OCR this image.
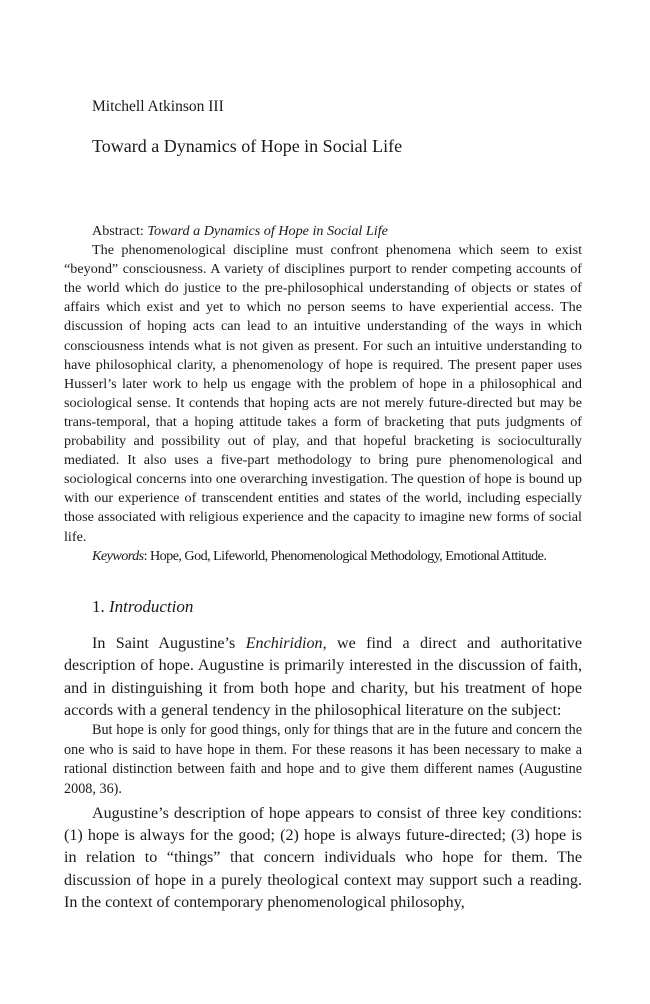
Mitchell Atkinson III
Toward a Dynamics of Hope in Social Life

Abstract: Toward a Dynamics of Hope in Social Life

The phenomenological discipline must confront phenomena which seem to exist “beyond” consciousness. A variety of disciplines purport to render competing accounts of the world which do justice to the pre-philosophical understanding of objects or states of affairs which exist and yet to which no person seems to have experiential access. The discussion of hoping acts can lead to an intuitive understanding of the ways in which consciousness intends what is not given as present. For such an intuitive understanding to have philosophical clarity, a phenomenology of hope is required. The present paper uses Husserl’s later work to help us engage with the problem of hope in a philosophical and sociological sense. It contends that hoping acts are not merely future-directed but may be trans-temporal, that a hoping attitude takes a form of bracketing that puts judgments of probability and possibility out of play, and that hopeful bracketing is socioculturally mediated. It also uses a five-part methodology to bring pure phenomenological and sociological concerns into one overarching investigation. The question of hope is bound up with our experience of transcendent entities and states of the world, including especially those associated with religious experience and the capacity to imagine new forms of social life.

Keywords: Hope, God, Lifeworld, Phenomenological Methodology, Emotional Attitude.

1. Introduction

In Saint Augustine’s Enchiridion, we find a direct and authoritative description of hope. Augustine is primarily interested in the discussion of faith, and in distinguishing it from both hope and charity, but his treatment of hope accords with a general tendency in the philosophical literature on the subject:

But hope is only for good things, only for things that are in the future and concern the one who is said to have hope in them. For these reasons it has been necessary to make a rational distinction between faith and hope and to give them different names (Augustine 2008, 36).

Augustine’s description of hope appears to consist of three key conditions: (1) hope is always for the good; (2) hope is always future-directed; (3) hope is in relation to “things” that concern individuals who hope for them. The discussion of hope in a purely theological context may support such a reading. In the context of contemporary phenomenological philosophy,
